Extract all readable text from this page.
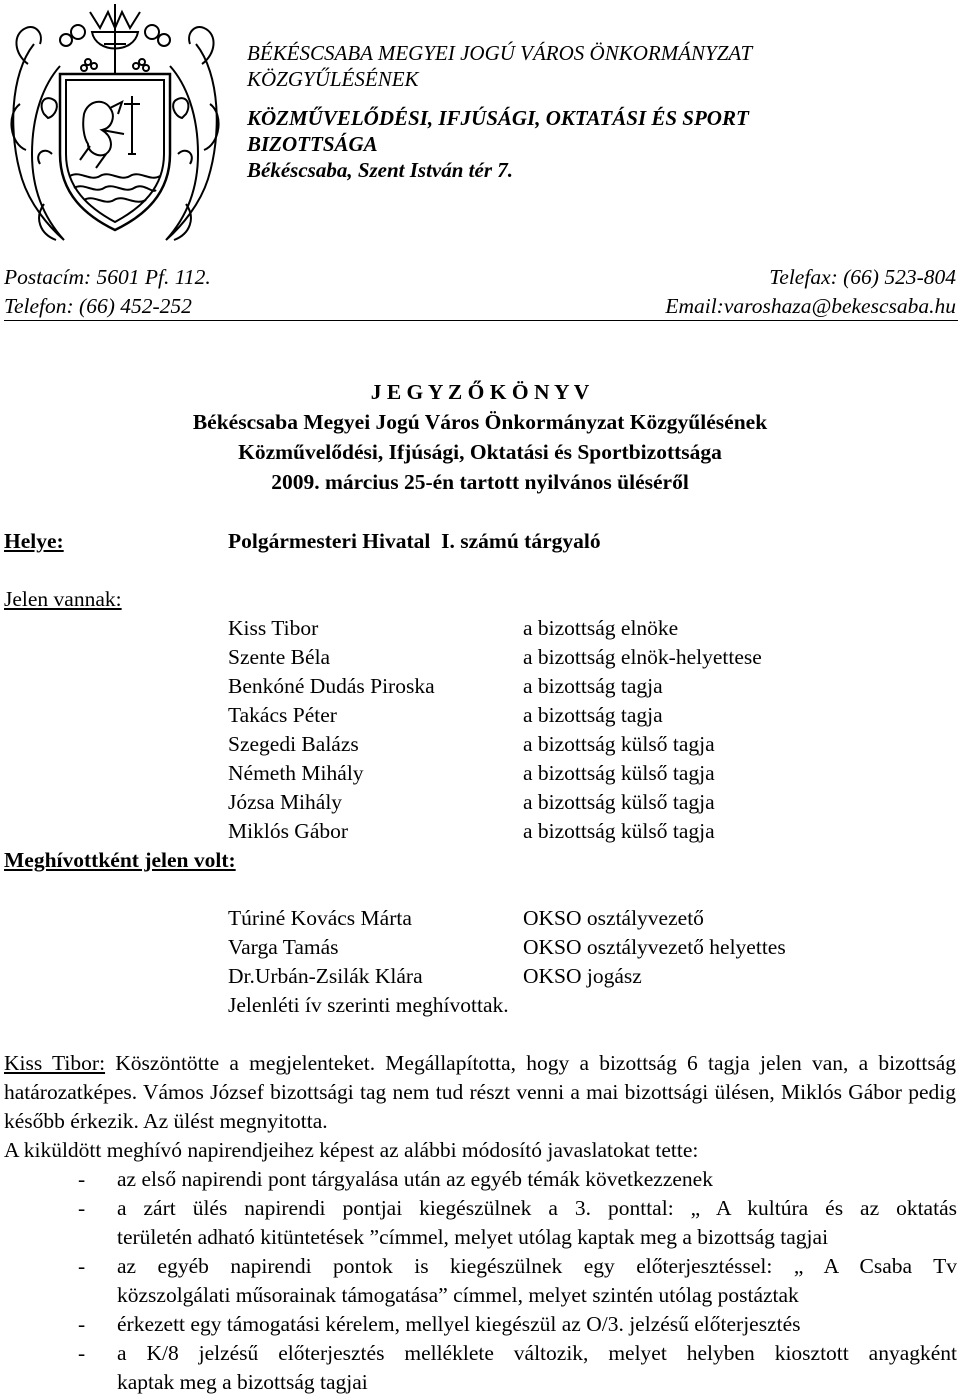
BÉKÉSCSABA MEGYEI JOGÚ VÁROS ÖNKORMÁNYZAT
KÖZGYŰLÉSÉNEK
KÖZMŰVELŐDÉSI, IFJÚSÁGI, OKTATÁSI ÉS SPORT
BIZOTTSÁGA
Békéscsaba, Szent István tér 7.
Postacím: 5601 Pf. 112.	Telefax: (66) 523-804
Telefon: (66) 452-252	Email:varoshaza@bekescsaba.hu
J E G Y Z Ő K Ö N Y V
Békéscsaba Megyei Jogú Város Önkormányzat Közgyűlésének
Közművelődési, Ifjúsági, Oktatási és Sportbizottsága
2009. március 25-én tartott nyilvános üléséről
Helye:	Polgármesteri Hivatal  I. számú tárgyaló
Jelen vannak:
Kiss Tibor	a bizottság elnöke
Szente Béla	a bizottság elnök-helyettese
Benkóné Dudás Piroska	a bizottság tagja
Takács Péter	a bizottság tagja
Szegedi Balázs	a bizottság külső tagja
Németh Mihály	a bizottság külső tagja
Józsa Mihály	a bizottság külső tagja
Miklós Gábor	a bizottság külső tagja
Meghívottként jelen volt:
Túriné Kovács Márta	OKSO osztályvezető
Varga Tamás	OKSO osztályvezető helyettes
Dr.Urbán-Zsilák Klára	OKSO jogász
Jelenléti ív szerinti meghívottak.
Kiss Tibor: Köszöntötte a megjelenteket. Megállapította, hogy a bizottság 6 tagja jelen van, a bizottság határozatképes. Vámos József bizottsági tag nem tud részt venni a mai bizottsági ülésen, Miklós Gábor pedig később érkezik. Az ülést megnyitotta.
A kiküldött meghívó napirendjeihez képest az alábbi módosító javaslatokat tette:
- az első napirendi pont tárgyalása után az egyéb témák következzenek
- a zárt ülés napirendi pontjai kiegészülnek a 3. ponttal: „ A kultúra és az oktatás
területén adható kitüntetések ”címmel, melyet utólag kaptak meg a bizottság tagjai
- az egyéb napirendi pontok is kiegészülnek egy előterjesztéssel: „ A Csaba Tv
közszolgálati műsorainak támogatása” címmel, melyet szintén utólag postáztak
- érkezett egy támogatási kérelem, mellyel kiegészül az O/3. jelzésű előterjesztés
- a K/8 jelzésű előterjesztés melléklete változik, melyet helyben kiosztott anyagként
kaptak meg a bizottság tagjai
